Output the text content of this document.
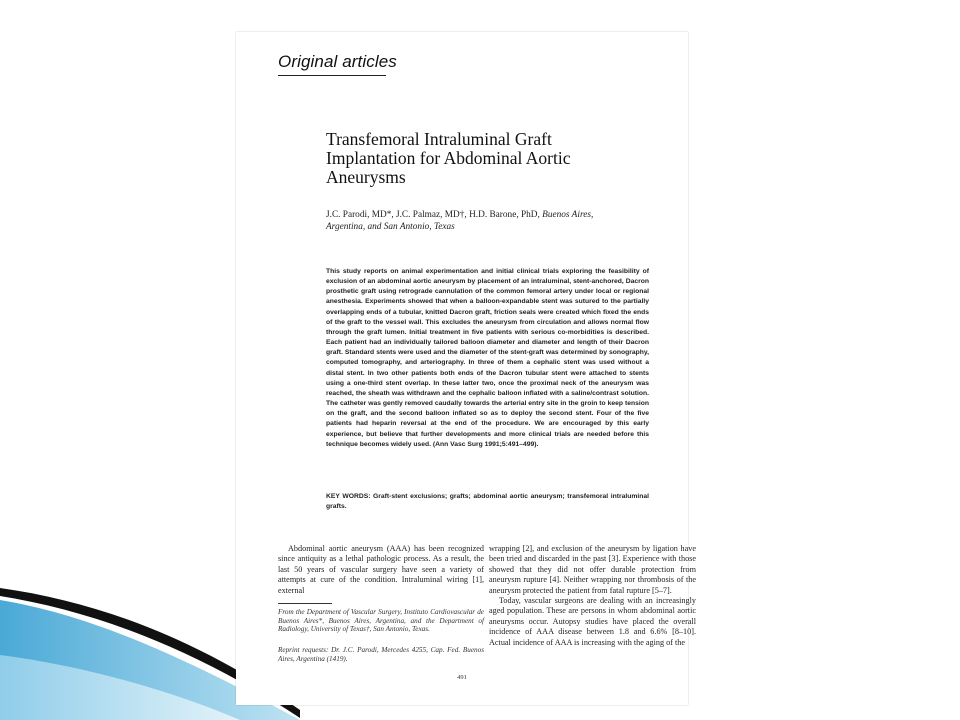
Original articles
Transfemoral Intraluminal Graft Implantation for Abdominal Aortic Aneurysms
J.C. Parodi, MD*, J.C. Palmaz, MD†, H.D. Barone, PhD, Buenos Aires, Argentina, and San Antonio, Texas

This study reports on animal experimentation and initial clinical trials exploring the feasibility of exclusion of an abdominal aortic aneurysm by placement of an intraluminal, stent-anchored, Dacron prosthetic graft using retrograde cannulation of the common femoral artery under local or regional anesthesia. Experiments showed that when a balloon-expandable stent was sutured to the partially overlapping ends of a tubular, knitted Dacron graft, friction seals were created which fixed the ends of the graft to the vessel wall. This excludes the aneurysm from circulation and allows normal flow through the graft lumen. Initial treatment in five patients with serious co-morbidities is described. Each patient had an individually tailored balloon diameter and diameter and length of their Dacron graft. Standard stents were used and the diameter of the stent-graft was determined by sonography, computed tomography, and arteriography. In three of them a cephalic stent was used without a distal stent. In two other patients both ends of the Dacron tubular stent were attached to stents using a one-third stent overlap. In these latter two, once the proximal neck of the aneurysm was reached, the sheath was withdrawn and the cephalic balloon inflated with a saline/contrast solution. The catheter was gently removed caudally towards the arterial entry site in the groin to keep tension on the graft, and the second balloon inflated so as to deploy the second stent. Four of the five patients had heparin reversal at the end of the procedure. We are encouraged by this early experience, but believe that further developments and more clinical trials are needed before this technique becomes widely used. (Ann Vasc Surg 1991;5:491–499).

KEY WORDS: Graft-stent exclusions; grafts; abdominal aortic aneurysm; transfemoral intraluminal grafts.

Abdominal aortic aneurysm (AAA) has been recognized since antiquity as a lethal pathologic process. As a result, the last 50 years of vascular surgery have seen a variety of attempts at cure of the condition. Intraluminal wiring [1], external

wrapping [2], and exclusion of the aneurysm by ligation have been tried and discarded in the past [3]. Experience with those showed that they did not offer durable protection from aneurysm rupture [4]. Neither wrapping nor thrombosis of the aneurysm protected the patient from fatal rupture [5–7].

Today, vascular surgeons are dealing with an increasingly aged population. These are persons in whom abdominal aortic aneurysms occur. Autopsy studies have placed the overall incidence of AAA disease between 1.8 and 6.6% [8–10]. Actual incidence of AAA is increasing with the aging of the

From the Department of Vascular Surgery, Instituto Cardiovascular de Buenos Aires*, Buenos Aires, Argentina, and the Department of Radiology, University of Texas†, San Antonio, Texas.
Reprint requests: Dr. J.C. Parodi, Mercedes 4255, Cap. Fed. Buenos Aires, Argentina (1419).
491
